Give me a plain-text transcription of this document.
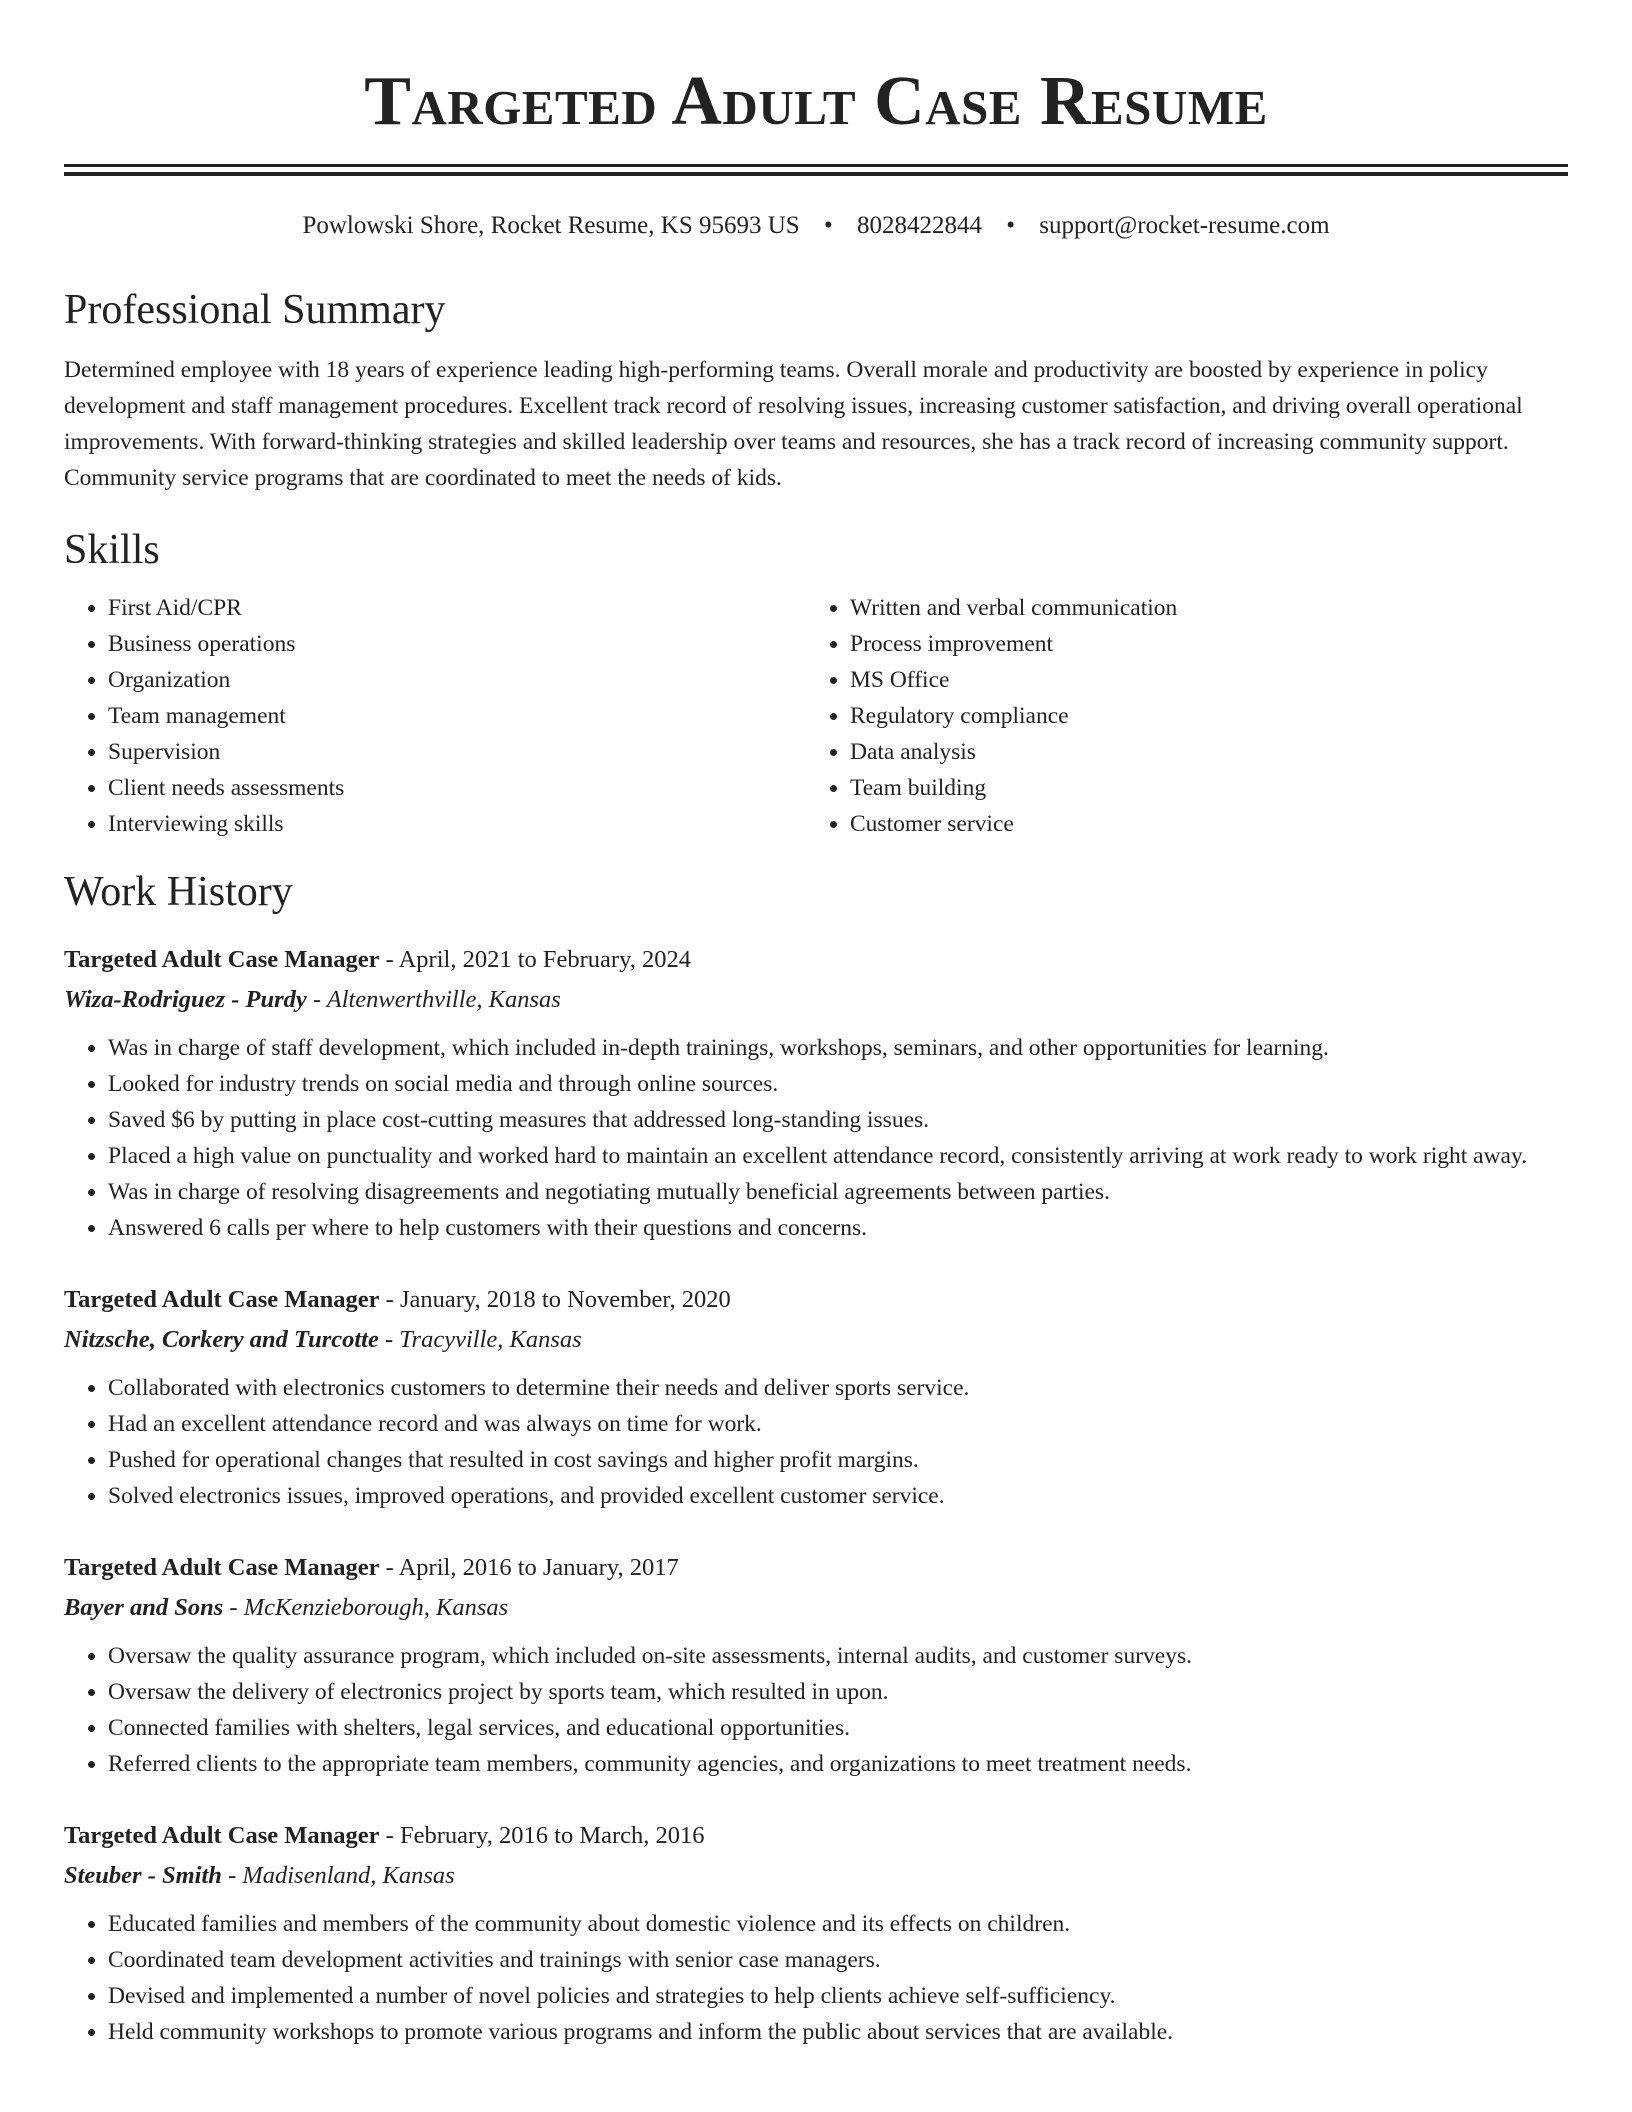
Targeted Adult Case Resume
Powlowski Shore, Rocket Resume, KS 95693 US • 8028422844 • support@rocket-resume.com
Professional Summary

Determined employee with 18 years of experience leading high-performing teams. Overall morale and productivity are boosted by experience in policy development and staff management procedures. Excellent track record of resolving issues, increasing customer satisfaction, and driving overall operational improvements. With forward-thinking strategies and skilled leadership over teams and resources, she has a track record of increasing community support. Community service programs that are coordinated to meet the needs of kids.

Skills
• First Aid/CPR
• Business operations
• Organization
• Team management
• Supervision
• Client needs assessments
• Interviewing skills
• Written and verbal communication
• Process improvement
• MS Office
• Regulatory compliance
• Data analysis
• Team building
• Customer service
Work History
Targeted Adult Case Manager - April, 2021 to February, 2024
Wiza-Rodriguez - Purdy - Altenwerthville, Kansas
• Was in charge of staff development, which included in-depth trainings, workshops, seminars, and other opportunities for learning.
• Looked for industry trends on social media and through online sources.
• Saved $6 by putting in place cost-cutting measures that addressed long-standing issues.
• Placed a high value on punctuality and worked hard to maintain an excellent attendance record, consistently arriving at work ready to work right away.
• Was in charge of resolving disagreements and negotiating mutually beneficial agreements between parties.
• Answered 6 calls per where to help customers with their questions and concerns.
Targeted Adult Case Manager - January, 2018 to November, 2020
Nitzsche, Corkery and Turcotte - Tracyville, Kansas
• Collaborated with electronics customers to determine their needs and deliver sports service.
• Had an excellent attendance record and was always on time for work.
• Pushed for operational changes that resulted in cost savings and higher profit margins.
• Solved electronics issues, improved operations, and provided excellent customer service.
Targeted Adult Case Manager - April, 2016 to January, 2017
Bayer and Sons - McKenzieborough, Kansas
• Oversaw the quality assurance program, which included on-site assessments, internal audits, and customer surveys.
• Oversaw the delivery of electronics project by sports team, which resulted in upon.
• Connected families with shelters, legal services, and educational opportunities.
• Referred clients to the appropriate team members, community agencies, and organizations to meet treatment needs.
Targeted Adult Case Manager - February, 2016 to March, 2016
Steuber - Smith - Madisenland, Kansas
• Educated families and members of the community about domestic violence and its effects on children.
• Coordinated team development activities and trainings with senior case managers.
• Devised and implemented a number of novel policies and strategies to help clients achieve self-sufficiency.
• Held community workshops to promote various programs and inform the public about services that are available.
